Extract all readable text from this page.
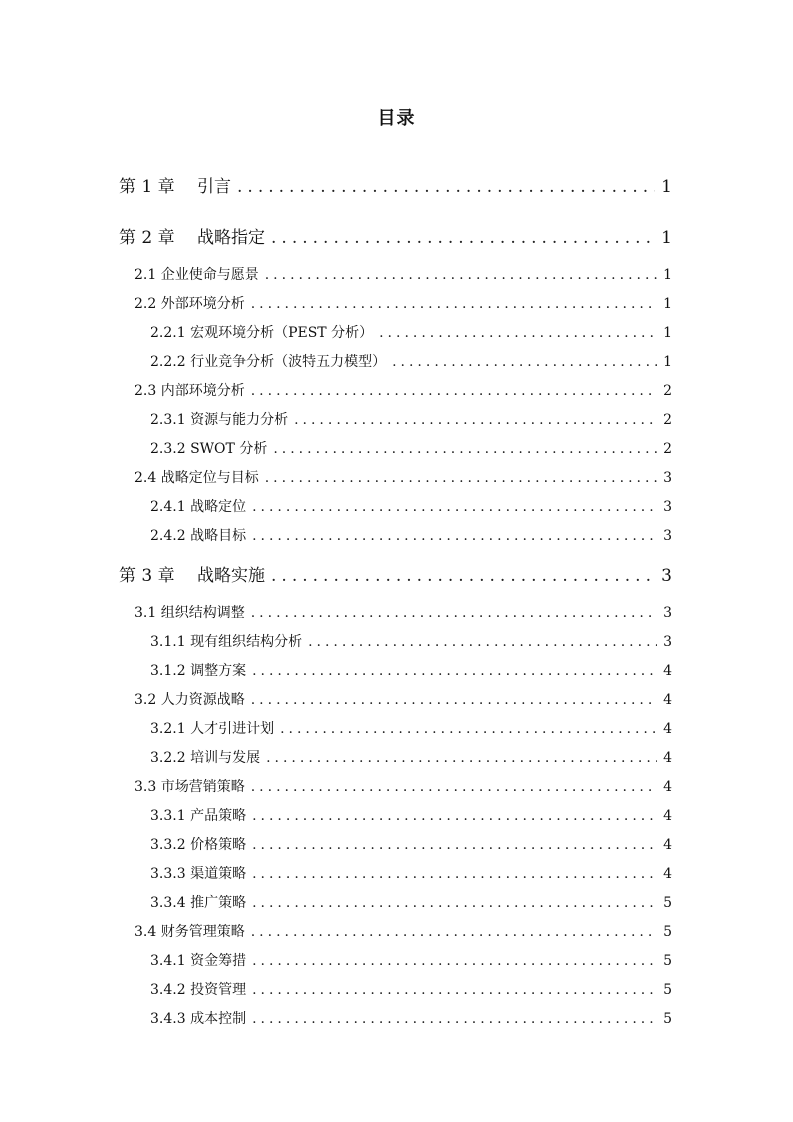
目录
第 1 章　 引言 .....	1
第 2 章　 战略指定 .....	1
2.1 企业使命与愿景 .....	1
2.2 外部环境分析 .....	1
2.2.1 宏观环境分析（PEST 分析） .....	1
2.2.2 行业竞争分析（波特五力模型） .....	1
2.3 内部环境分析 .....	2
2.3.1 资源与能力分析 .....	2
2.3.2 SWOT 分析 .....	2
2.4 战略定位与目标 .....	3
2.4.1 战略定位 .....	3
2.4.2 战略目标 .....	3
第 3 章　 战略实施 .....	3
3.1 组织结构调整 .....	3
3.1.1 现有组织结构分析 .....	3
3.1.2 调整方案 .....	4
3.2 人力资源战略 .....	4
3.2.1 人才引进计划 .....	4
3.2.2 培训与发展 .....	4
3.3 市场营销策略 .....	4
3.3.1 产品策略 .....	4
3.3.2 价格策略 .....	4
3.3.3 渠道策略 .....	4
3.3.4 推广策略 .....	5
3.4 财务管理策略 .....	5
3.4.1 资金筹措 .....	5
3.4.2 投资管理 .....	5
3.4.3 成本控制 .....	5
